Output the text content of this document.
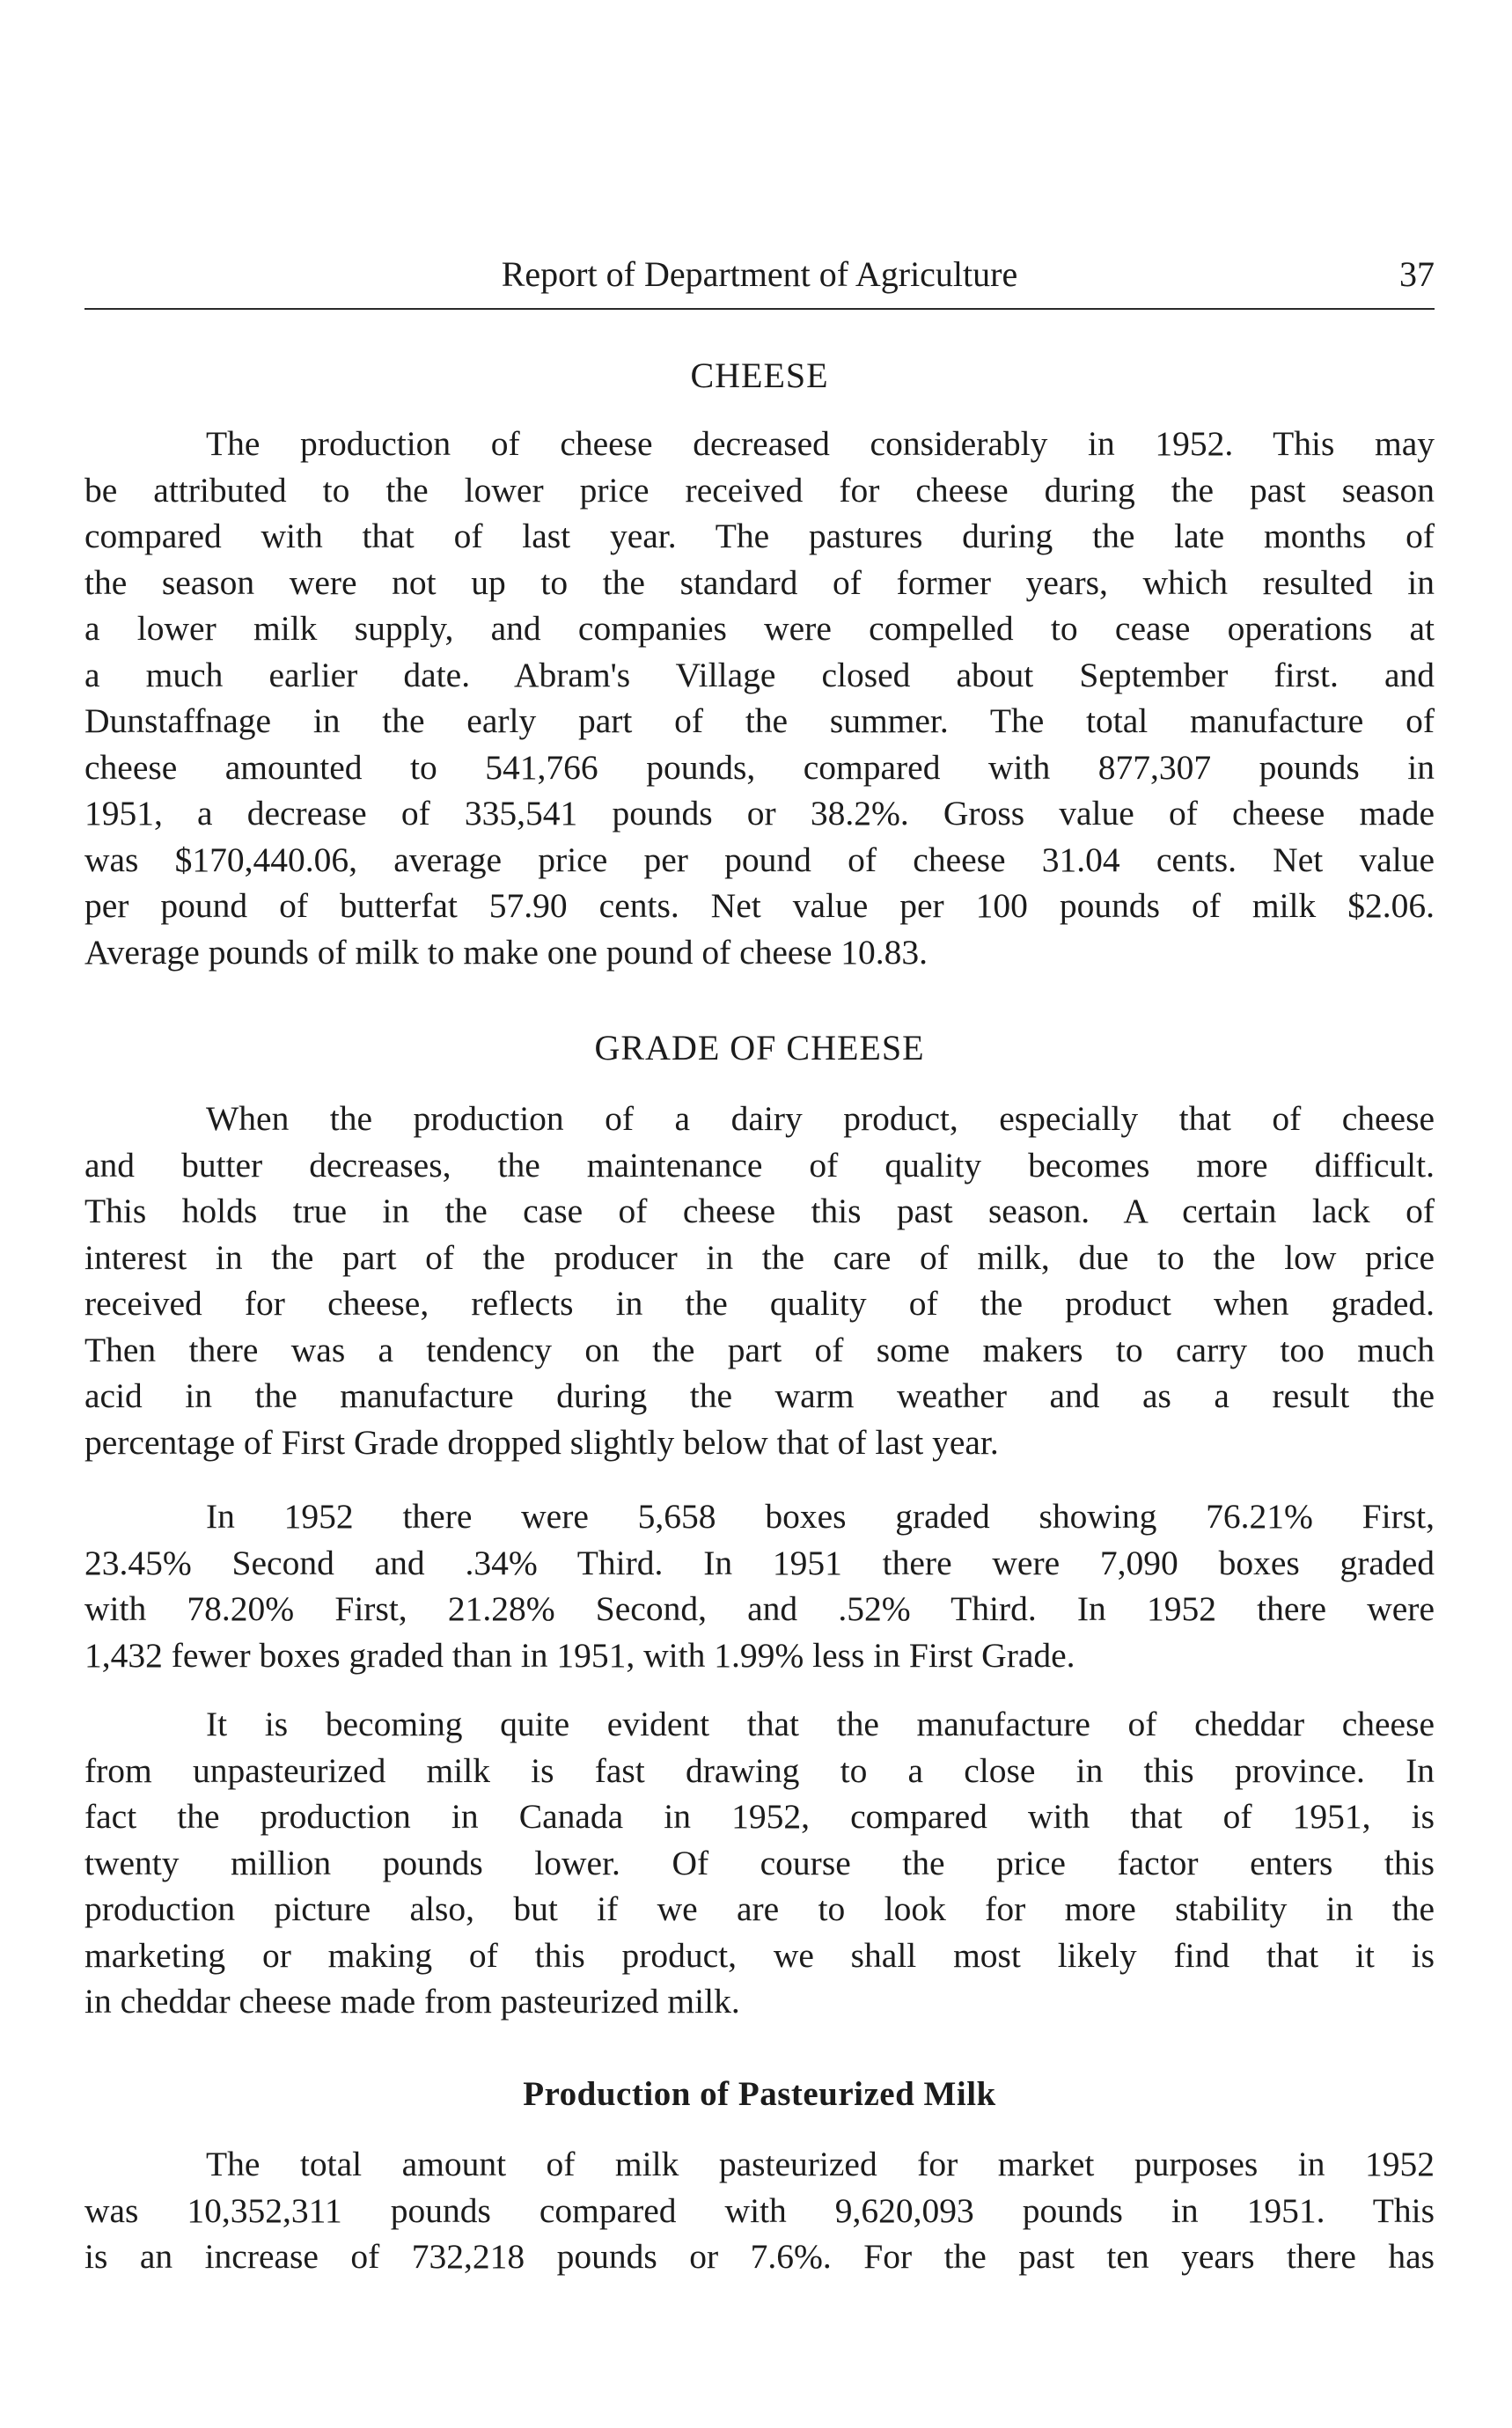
Report of Department of Agriculture	37
CHEESE
The production of cheese decreased considerably in 1952. This may
be attributed to the lower price received for cheese during the past season
compared with that of last year. The pastures during the late months of
the season were not up to the standard of former years, which resulted in
a lower milk supply, and companies were compelled to cease operations at
a much earlier date. Abram's Village closed about September first. and
Dunstaffnage in the early part of the summer. The total manufacture of
cheese amounted to 541,766 pounds, compared with 877,307 pounds in
1951, a decrease of 335,541 pounds or 38.2%. Gross value of cheese made
was $170,440.06, average price per pound of cheese 31.04 cents. Net value
per pound of butterfat 57.90 cents. Net value per 100 pounds of milk $2.06.
Average pounds of milk to make one pound of cheese 10.83.
GRADE OF CHEESE
When the production of a dairy product, especially that of cheese
and butter decreases, the maintenance of quality becomes more difficult.
This holds true in the case of cheese this past season. A certain lack of
interest in the part of the producer in the care of milk, due to the low price
received for cheese, reflects in the quality of the product when graded.
Then there was a tendency on the part of some makers to carry too much
acid in the manufacture during the warm weather and as a result the
percentage of First Grade dropped slightly below that of last year.
In 1952 there were 5,658 boxes graded showing 76.21% First,
23.45% Second and .34% Third. In 1951 there were 7,090 boxes graded
with 78.20% First, 21.28% Second, and .52% Third. In 1952 there were
1,432 fewer boxes graded than in 1951, with 1.99% less in First Grade.
It is becoming quite evident that the manufacture of cheddar cheese
from unpasteurized milk is fast drawing to a close in this province. In
fact the production in Canada in 1952, compared with that of 1951, is
twenty million pounds lower. Of course the price factor enters this
production picture also, but if we are to look for more stability in the
marketing or making of this product, we shall most likely find that it is
in cheddar cheese made from pasteurized milk.
Production of Pasteurized Milk
The total amount of milk pasteurized for market purposes in 1952
was 10,352,311 pounds compared with 9,620,093 pounds in 1951. This
is an increase of 732,218 pounds or 7.6%. For the past ten years there has
